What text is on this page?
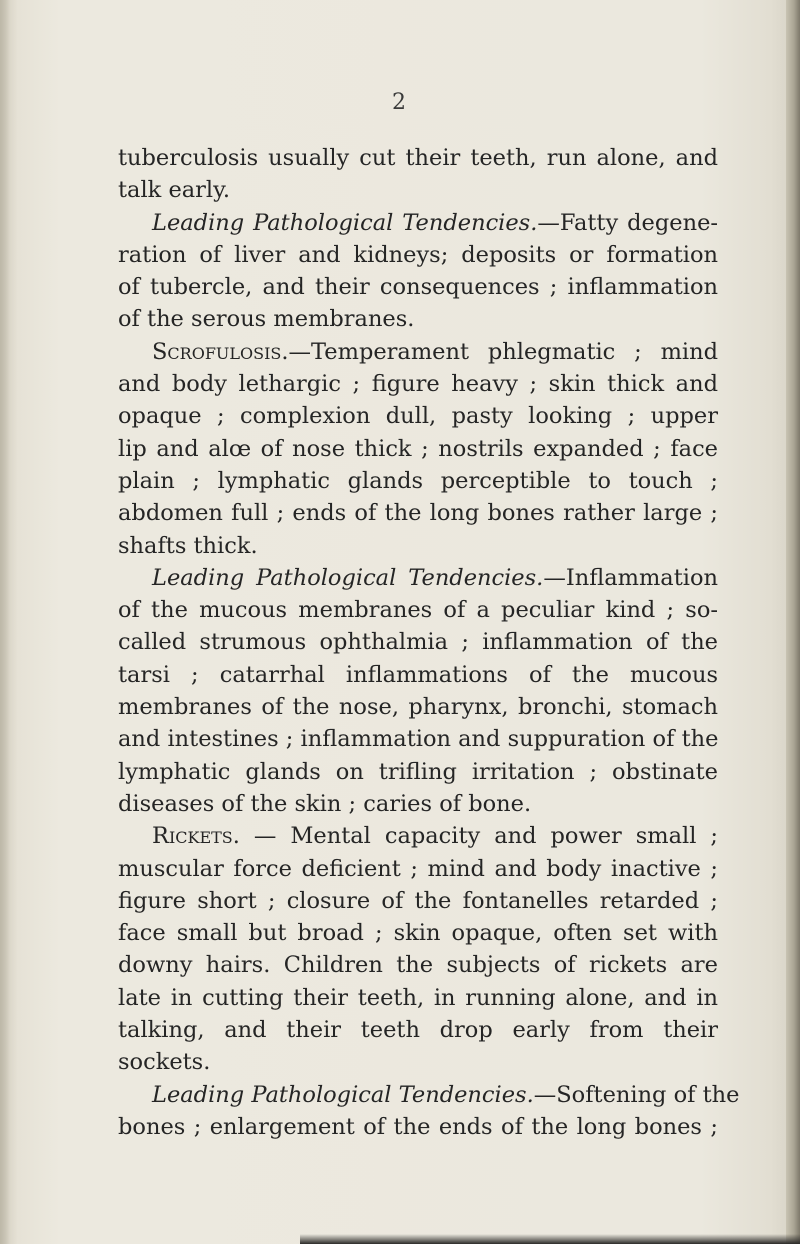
2
tuberculosis usually cut their teeth, run alone, and
talk early.
Leading Pathological Tendencies.—Fatty degene-
ration of liver and kidneys; deposits or formation
of tubercle, and their consequences ; inflammation
of the serous membranes.
Scrofulosis.—Temperament phlegmatic ; mind
and body lethargic ; figure heavy ; skin thick and
opaque ; complexion dull, pasty looking ; upper
lip and alœ of nose thick ; nostrils expanded ; face
plain ; lymphatic glands perceptible to touch ;
abdomen full ; ends of the long bones rather large ;
shafts thick.
Leading Pathological Tendencies.—Inflammation
of the mucous membranes of a peculiar kind ; so-
called strumous ophthalmia ; inflammation of the
tarsi ; catarrhal inflammations of the mucous
membranes of the nose, pharynx, bronchi, stomach
and intestines ; inflammation and suppuration of the
lymphatic glands on trifling irritation ; obstinate
diseases of the skin ; caries of bone.
Rickets. — Mental capacity and power small ;
muscular force deficient ; mind and body inactive ;
figure short ; closure of the fontanelles retarded ;
face small but broad ; skin opaque, often set with
downy hairs. Children the subjects of rickets are
late in cutting their teeth, in running alone, and in
talking, and their teeth drop early from their
sockets.
Leading Pathological Tendencies.—Softening of the
bones ; enlargement of the ends of the long bones ;
